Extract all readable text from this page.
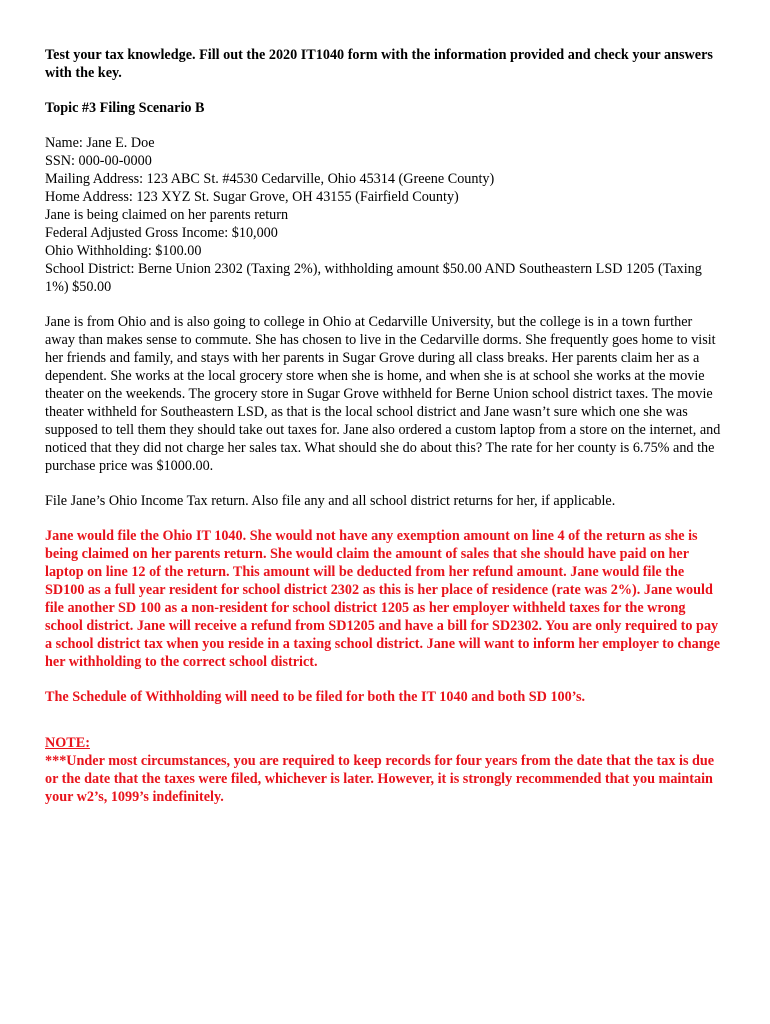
Test your tax knowledge. Fill out the 2020 IT1040 form with the information provided and check your answers with the key.

Topic #3 Filing Scenario B

Name: Jane E. Doe
SSN: 000-00-0000
Mailing Address: 123 ABC St. #4530 Cedarville, Ohio 45314 (Greene County)
Home Address: 123 XYZ St. Sugar Grove, OH 43155 (Fairfield County)
Jane is being claimed on her parents return
Federal Adjusted Gross Income: $10,000
Ohio Withholding: $100.00
School District: Berne Union 2302 (Taxing 2%), withholding amount $50.00 AND Southeastern LSD 1205 (Taxing 1%) $50.00

Jane is from Ohio and is also going to college in Ohio at Cedarville University, but the college is in a town further away than makes sense to commute. She has chosen to live in the Cedarville dorms. She frequently goes home to visit her friends and family, and stays with her parents in Sugar Grove during all class breaks. Her parents claim her as a dependent. She works at the local grocery store when she is home, and when she is at school she works at the movie theater on the weekends. The grocery store in Sugar Grove withheld for Berne Union school district taxes. The movie theater withheld for Southeastern LSD, as that is the local school district and Jane wasn’t sure which one she was supposed to tell them they should take out taxes for. Jane also ordered a custom laptop from a store on the internet, and noticed that they did not charge her sales tax. What should she do about this? The rate for her county is 6.75% and the purchase price was $1000.00.

File Jane’s Ohio Income Tax return. Also file any and all school district returns for her, if applicable.

Jane would file the Ohio IT 1040. She would not have any exemption amount on line 4 of the return as she is being claimed on her parents return. She would claim the amount of sales that she should have paid on her laptop on line 12 of the return. This amount will be deducted from her refund amount. Jane would file the SD100 as a full year resident for school district 2302 as this is her place of residence (rate was 2%). Jane would file another SD 100 as a non-resident for school district 1205 as her employer withheld taxes for the wrong school district. Jane will receive a refund from SD1205 and have a bill for SD2302. You are only required to pay a school district tax when you reside in a taxing school district. Jane will want to inform her employer to change her withholding to the correct school district.

The Schedule of Withholding will need to be filed for both the IT 1040 and both SD 100’s.

NOTE:
***Under most circumstances, you are required to keep records for four years from the date that the tax is due or the date that the taxes were filed, whichever is later. However, it is strongly recommended that you maintain your w2’s, 1099’s indefinitely.
